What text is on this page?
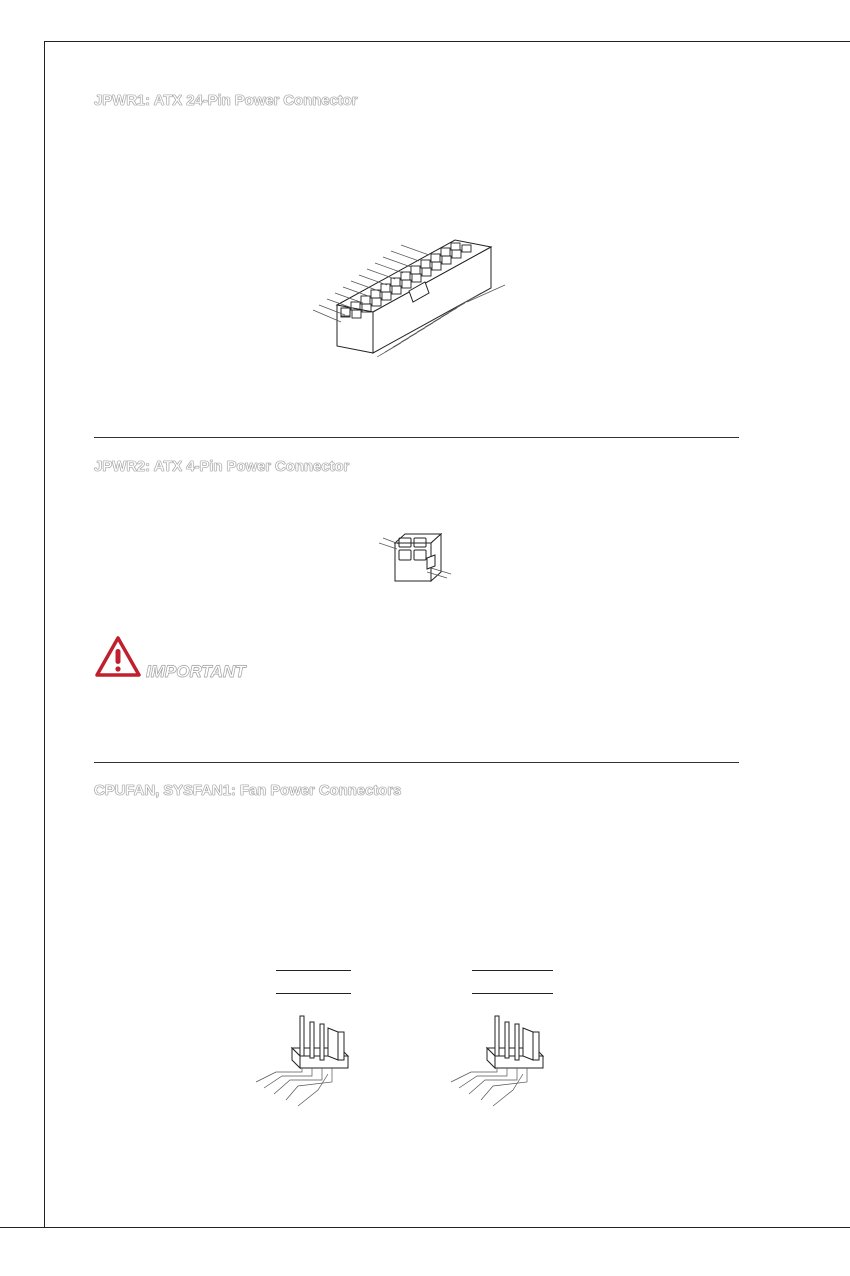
JPWR1: ATX 24-Pin Power Connector
JPWR2: ATX 4-Pin Power Connector
IMPORTANT
CPUFAN, SYSFAN1: Fan Power Connectors
